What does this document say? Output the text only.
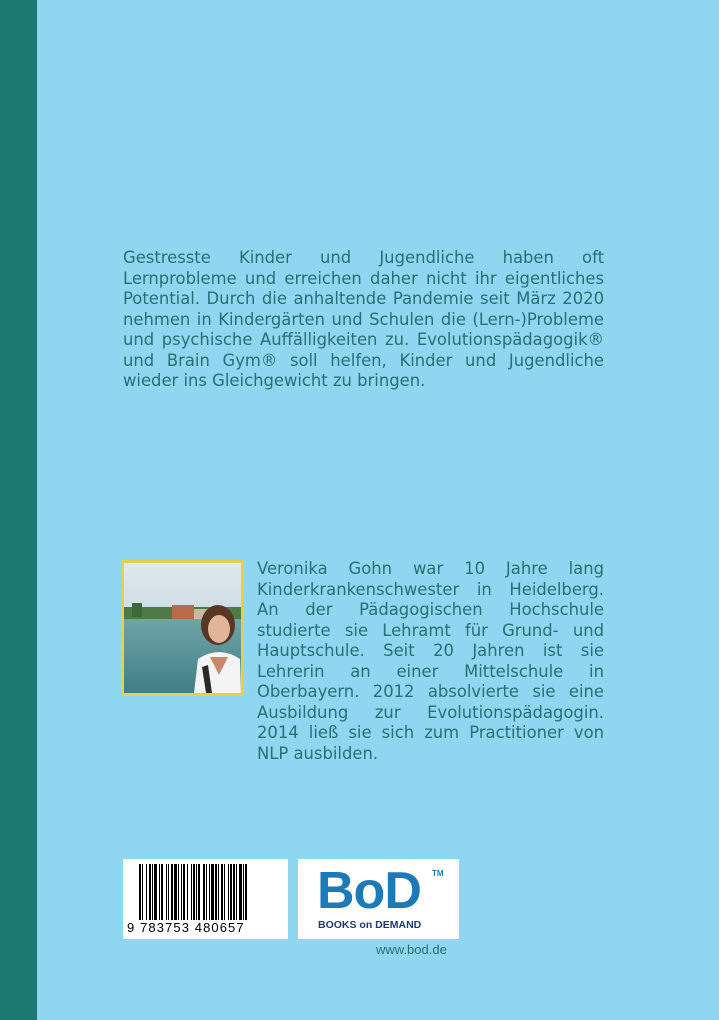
Gestresste Kinder und Jugendliche haben oft Lernprobleme und erreichen daher nicht ihr eigentliches Potential. Durch die anhaltende Pandemie seit März 2020 nehmen in Kindergärten und Schulen die (Lern-)Probleme und psychische Auffälligkeiten zu. Evolutionspädagogik® und Brain Gym® soll helfen, Kinder und Jugendliche wieder ins Gleichgewicht zu bringen.

Veronika Gohn war 10 Jahre lang Kinderkrankenschwester in Heidelberg. An der Pädagogischen Hochschule studierte sie Lehramt für Grund- und Hauptschule. Seit 20 Jahren ist sie Lehrerin an einer Mittelschule in Oberbayern. 2012 absolvierte sie eine Ausbildung zur Evolutionspädagogin. 2014 ließ sie sich zum Practitioner von NLP ausbilden.

9 783753 480657
BoD TM
BOOKS on DEMAND
www.bod.de
